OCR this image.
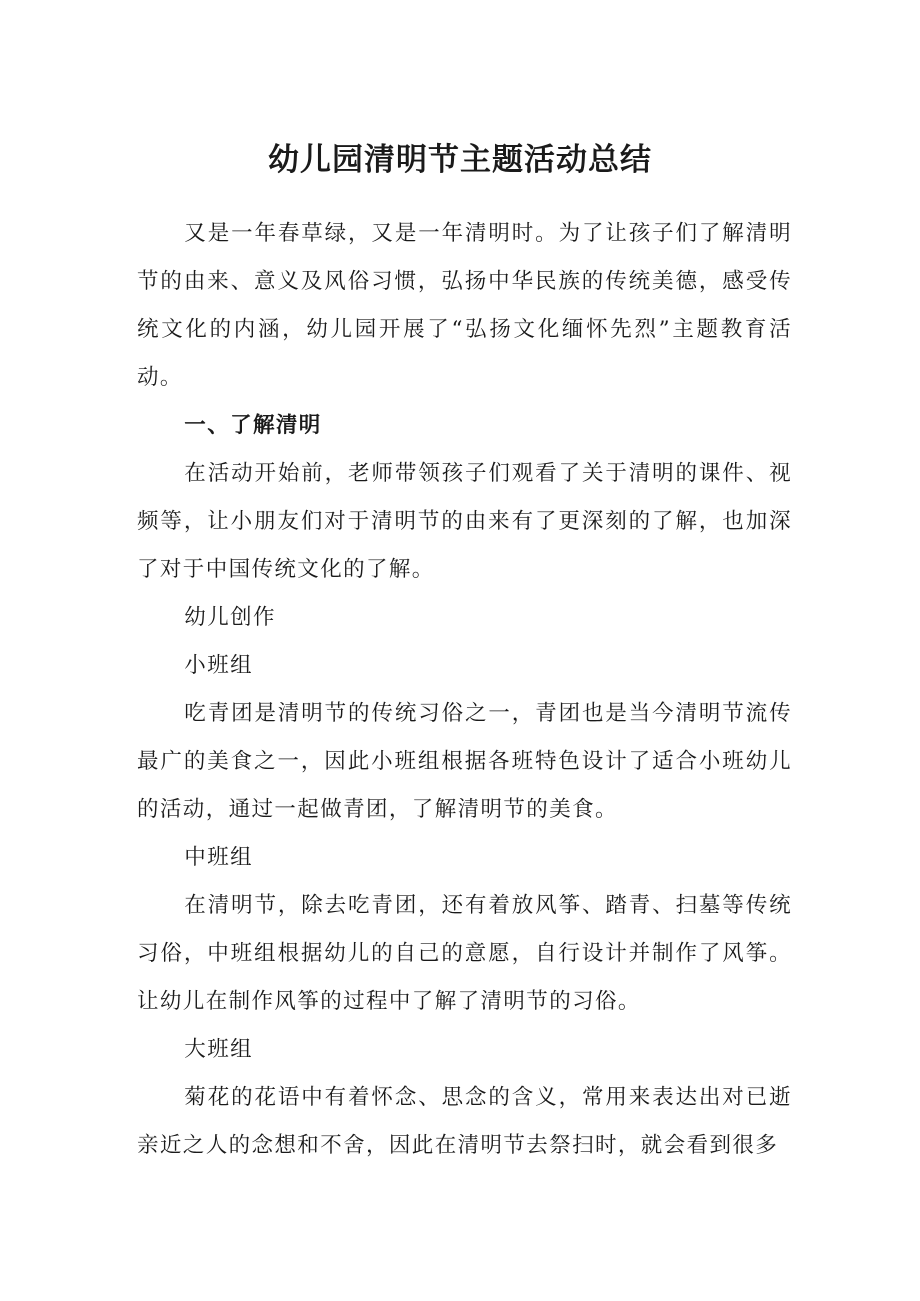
幼儿园清明节主题活动总结

又是一年春草绿，又是一年清明时。为了让孩子们了解清明节的由来、意义及风俗习惯，弘扬中华民族的传统美德，感受传统文化的内涵，幼儿园开展了“弘扬文化缅怀先烈”主题教育活动。

一、了解清明

在活动开始前，老师带领孩子们观看了关于清明的课件、视频等，让小朋友们对于清明节的由来有了更深刻的了解，也加深了对于中国传统文化的了解。

幼儿创作

小班组

吃青团是清明节的传统习俗之一，青团也是当今清明节流传最广的美食之一，因此小班组根据各班特色设计了适合小班幼儿的活动，通过一起做青团，了解清明节的美食。

中班组

在清明节，除去吃青团，还有着放风筝、踏青、扫墓等传统习俗，中班组根据幼儿的自己的意愿，自行设计并制作了风筝。让幼儿在制作风筝的过程中了解了清明节的习俗。

大班组

菊花的花语中有着怀念、思念的含义，常用来表达出对已逝亲近之人的念想和不舍，因此在清明节去祭扫时，就会看到很多
